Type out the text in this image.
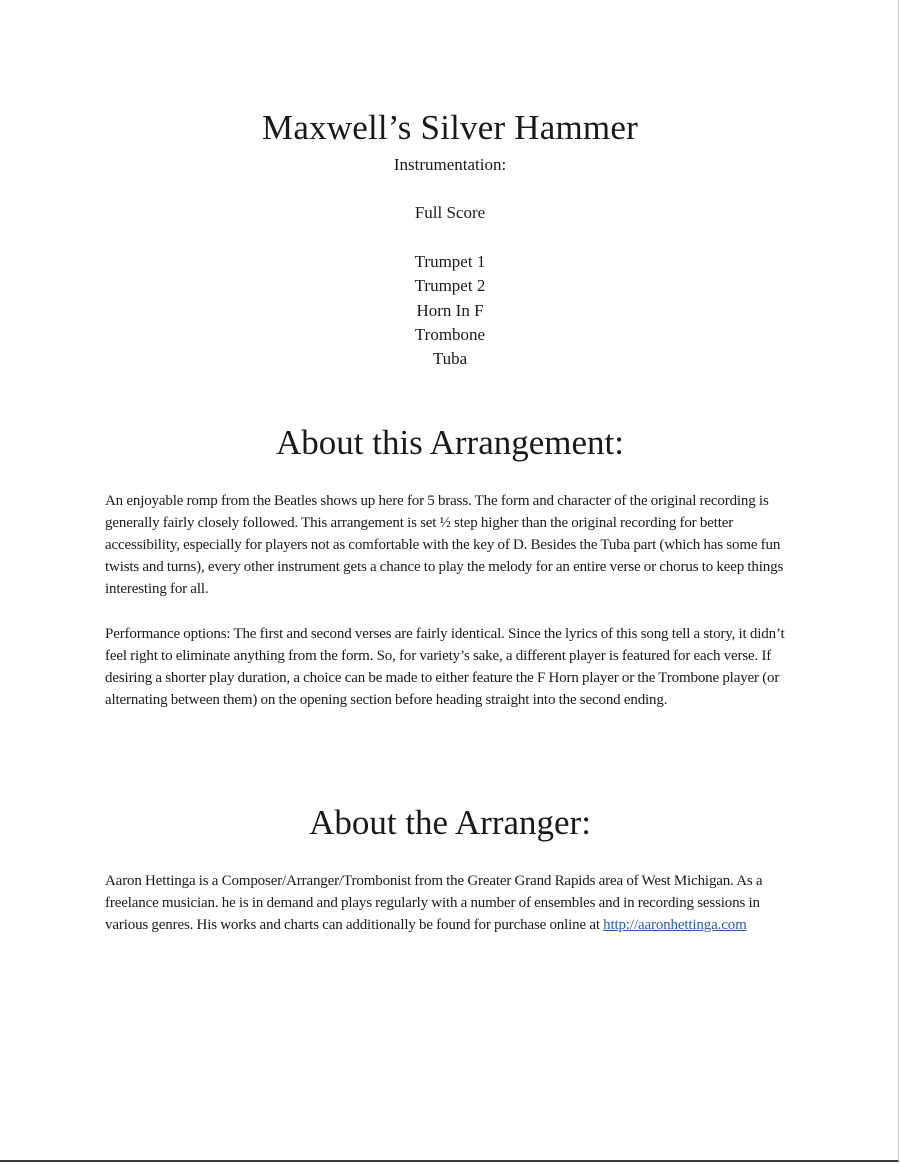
Maxwell’s Silver Hammer
Instrumentation:
Full Score
Trumpet 1
Trumpet 2
Horn In F
Trombone
Tuba
About this Arrangement:

An enjoyable romp from the Beatles shows up here for 5 brass. The form and character of the original recording is generally fairly closely followed. This arrangement is set ½ step higher than the original recording for better accessibility, especially for players not as comfortable with the key of D. Besides the Tuba part (which has some fun twists and turns), every other instrument gets a chance to play the melody for an entire verse or chorus to keep things interesting for all.

Performance options: The first and second verses are fairly identical. Since the lyrics of this song tell a story, it didn’t feel right to eliminate anything from the form. So, for variety’s sake, a different player is featured for each verse. If desiring a shorter play duration, a choice can be made to either feature the F Horn player or the Trombone player (or alternating between them) on the opening section before heading straight into the second ending.

About the Arranger:

Aaron Hettinga is a Composer/Arranger/Trombonist from the Greater Grand Rapids area of West Michigan. As a freelance musician. he is in demand and plays regularly with a number of ensembles and in recording sessions in various genres. His works and charts can additionally be found for purchase online at http://aaronhettinga.com
